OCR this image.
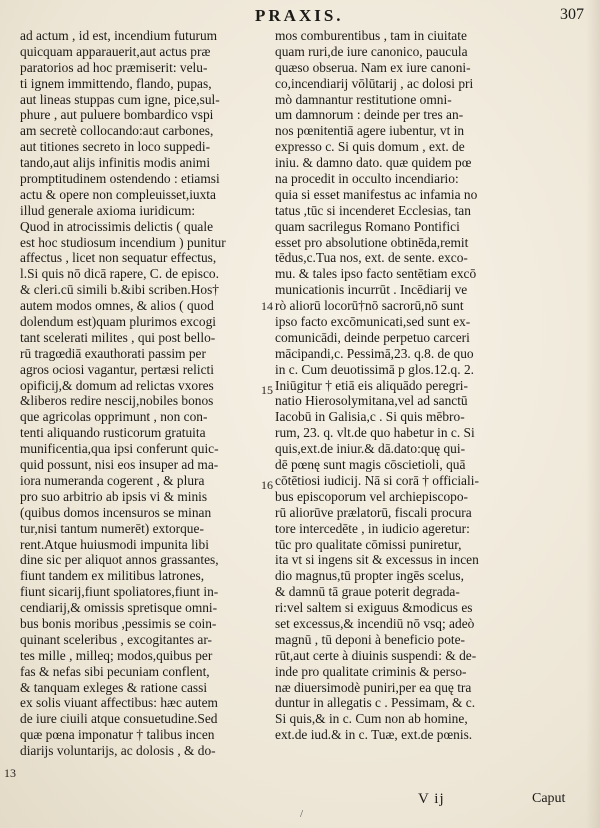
PRAXIS.	307
ad actum , id est, incendium futurum
quicquam apparauerit,aut actus præ
paratorios ad hoc præmiserit: velu-
ti ignem immittendo, flando, pupas,
aut lineas stuppas cum igne, pice,sul-
phure , aut puluere bombardico vspi
am secretè collocando:aut carbones,
aut titiones secreto in loco suppedi-
tando,aut alijs infinitis modis animi
promptitudinem ostendendo : etiamsi
actu & opere non compleuisset,iuxta
illud generale axioma iuridicum:
Quod in atrocissimis delictis ( quale
est hoc studiosum incendium ) punitur
affectus , licet non sequatur effectus,
l.Si quis nō dicā rapere, C. de episco.
& cleri.cū simili b.&ibi scriben.Hos†
autem modos omnes, & alios ( quod
dolendum est)quam plurimos excogi
tant scelerati milites , qui post bello-
rū tragœdiā exauthorati passim per
agros ociosi vagantur, pertæsi relicti
opificij,& domum ad relictas vxores
&liberos redire nescij,nobiles bonos
que agricolas opprimunt , non con-
tenti aliquando rusticorum gratuita
munificentia,qua ipsi conferunt quic-
quid possunt, nisi eos insuper ad ma-
iora numeranda cogerent , & plura
pro suo arbitrio ab ipsis vi & minis
(quibus domos incensuros se minan
tur,nisi tantum numerēt) extorque-
rent.Atque huiusmodi impunita libi
dine sic per aliquot annos grassantes,
fiunt tandem ex militibus latrones,
fiunt sicarij,fiunt spoliatores,fiunt in-
cendiarij,& omissis spretisque omni-
bus bonis moribus ,pessimis se coin-
quinant sceleribus , excogitantes ar-
tes mille , milleq; modos,quibus per
fas & nefas sibi pecuniam conflent,
& tanquam exleges & ratione cassi
ex solis viuant affectibus: hæc autem
de iure ciuili atque consuetudine.Sed
quæ pœna imponatur † talibus incen
diarijs voluntarijs, ac dolosis , & do-
mos comburentibus , tam in ciuitate
quam ruri,de iure canonico, paucula
quæso obserua. Nam ex iure canoni-
co,incendiarij vōlūtarij , ac dolosi pri
mò damnantur restitutione omni-
um damnorum : deinde per tres an-
nos pœnitentiā agere iubentur, vt in
expresso c. Si quis domum , ext. de
iniu. & damno dato. quæ quidem pœ
na procedit in occulto incendiario:
quia si esset manifestus ac infamia no
tatus ,tūc si incenderet Ecclesias, tan
quam sacrilegus Romano Pontifici
esset pro absolutione obtinēda,remit
tēdus,c.Tua nos, ext. de sente. exco-
mu. & tales ipso facto sentētiam excō
municationis incurrūt . Incēdiarij ve
rò aliorū locorū†nō sacrorū,nō sunt
ipso facto excōmunicati,sed sunt ex-
comunicādi, deinde perpetuo carceri
mācipandi,c. Pessimā,23. q.8. de quo
in c. Cum deuotissimā p glos.12.q. 2.
Iniūgitur † etiā eis aliquādo peregri-
natio Hierosolymitana,vel ad sanctū
Iacobū in Galisia,c . Si quis mēbro-
rum, 23. q. vlt.de quo habetur in c. Si
quis,ext.de iniur.& dā.dato:quę qui-
dē pœnę sunt magis cōscietioli, quā
cōtētiosi iudicij. Nā si corā † officiali-
bus episcoporum vel archiepiscopo-
rū aliorūve prælatorū, fiscali procura
tore intercedēte , in iudicio ageretur:
tūc pro qualitate cōmissi puniretur,
ita vt si ingens sit & excessus in incen
dio magnus,tū propter ingēs scelus,
& damnū tā graue poterit degrada-
ri:vel saltem si exiguus &modicus es
set excessus,& incendiū nō vsq; adeò
magnū , tū deponi à beneficio pote-
rūt,aut certe à diuinis suspendi: & de-
inde pro qualitate criminis & perso-
næ diuersimodè puniri,per ea quę tra
duntur in allegatis c . Pessimam, & c.
Si quis,& in c. Cum non ab homine,
ext.de iud.& in c. Tuæ, ext.de pœnis.
13
14
15
16
V ij	Caput
/
